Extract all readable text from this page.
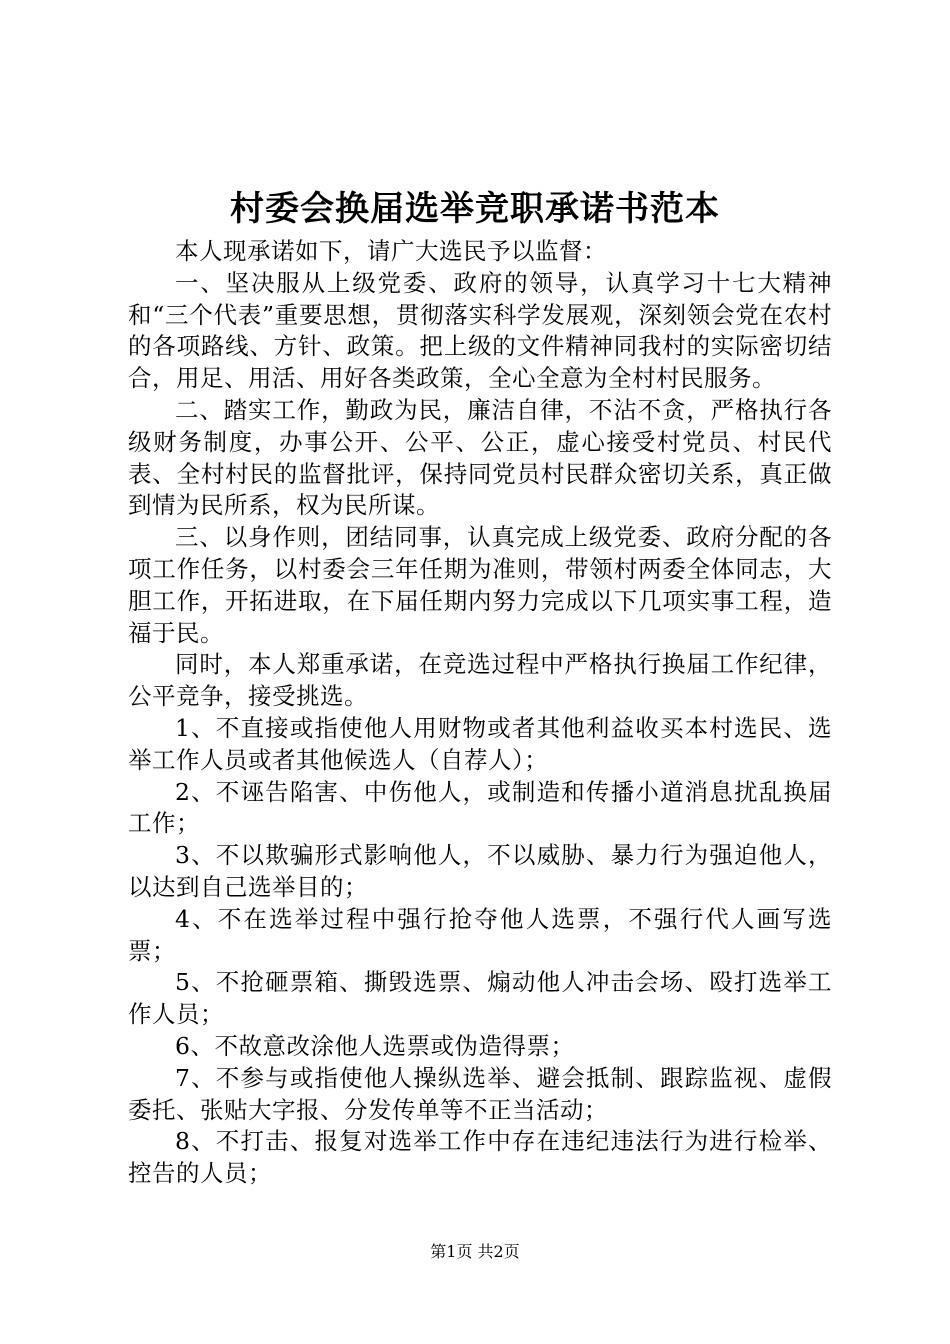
村委会换届选举竞职承诺书范本

本人现承诺如下，请广大选民予以监督：

一、坚决服从上级党委、政府的领导，认真学习十七大精神和“三个代表”重要思想，贯彻落实科学发展观，深刻领会党在农村的各项路线、方针、政策。把上级的文件精神同我村的实际密切结合，用足、用活、用好各类政策，全心全意为全村村民服务。

二、踏实工作，勤政为民，廉洁自律，不沾不贪，严格执行各级财务制度，办事公开、公平、公正，虚心接受村党员、村民代表、全村村民的监督批评，保持同党员村民群众密切关系，真正做到情为民所系，权为民所谋。

三、以身作则，团结同事，认真完成上级党委、政府分配的各项工作任务，以村委会三年任期为准则，带领村两委全体同志，大胆工作，开拓进取，在下届任期内努力完成以下几项实事工程，造福于民。

同时，本人郑重承诺，在竞选过程中严格执行换届工作纪律，公平竞争，接受挑选。

1、不直接或指使他人用财物或者其他利益收买本村选民、选举工作人员或者其他候选人（自荐人）；

2、不诬告陷害、中伤他人，或制造和传播小道消息扰乱换届工作；

3、不以欺骗形式影响他人，不以威胁、暴力行为强迫他人，以达到自己选举目的；

4、不在选举过程中强行抢夺他人选票，不强行代人画写选票；

5、不抢砸票箱、撕毁选票、煽动他人冲击会场、殴打选举工作人员；

6、不故意改涂他人选票或伪造得票；

7、不参与或指使他人操纵选举、避会抵制、跟踪监视、虚假委托、张贴大字报、分发传单等不正当活动；

8、不打击、报复对选举工作中存在违纪违法行为进行检举、控告的人员；

第1页 共2页
